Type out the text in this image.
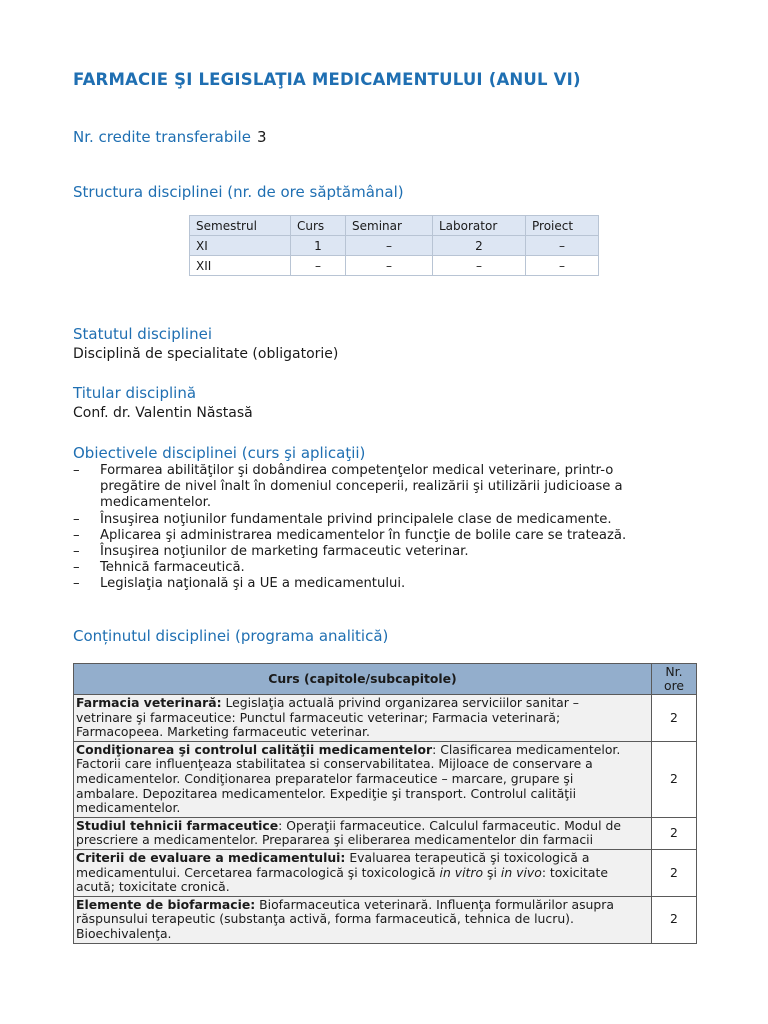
FARMACIE ŞI LEGISLAŢIA MEDICAMENTULUI (ANUL VI)
Nr. credite transferabile 3
Structura disciplinei (nr. de ore săptămânal)
Semestrul	Curs	Seminar	Laborator	Proiect
XI	1	–	2	–
XII	–	–	–	–
Statutul disciplinei
Disciplină de specialitate (obligatorie)
Titular disciplină
Conf. dr. Valentin Năstasă
Obiectivele disciplinei (curs şi aplicaţii)
– Formarea abilităţilor şi dobândirea competenţelor medical veterinare, printr-o
pregătire de nivel înalt în domeniul conceperii, realizării şi utilizării judicioase a
medicamentelor.
– Însuşirea noţiunilor fundamentale privind principalele clase de medicamente.
– Aplicarea şi administrarea medicamentelor în funcţie de bolile care se tratează.
– Însuşirea noţiunilor de marketing farmaceutic veterinar.
– Tehnică farmaceutică.
– Legislaţia naţională şi a UE a medicamentului.
Conținutul disciplinei (programa analitică)
Curs (capitole/subcapitole)	Nr.
ore
Farmacia veterinară: Legislaţia actuală privind organizarea serviciilor sanitar –
vetrinare şi farmaceutice: Punctul farmaceutic veterinar; Farmacia veterinară;
Farmacopeea. Marketing farmaceutic veterinar.	2
Condiţionarea şi controlul calităţii medicamentelor: Clasificarea medicamentelor.
Factorii care influenţeaza stabilitatea si conservabilitatea. Mijloace de conservare a
medicamentelor. Condiţionarea preparatelor farmaceutice – marcare, grupare şi
ambalare. Depozitarea medicamentelor. Expediţie şi transport. Controlul calităţii
medicamentelor.	2
Studiul tehnicii farmaceutice: Operaţii farmaceutice. Calculul farmaceutic. Modul de
prescriere a medicamentelor. Prepararea şi eliberarea medicamentelor din farmacii	2
Criterii de evaluare a medicamentului: Evaluarea terapeutică şi toxicologică a
medicamentului. Cercetarea farmacologică şi toxicologică in vitro şi in vivo: toxicitate
acută; toxicitate cronică.	2
Elemente de biofarmacie: Biofarmaceutica veterinară. Influenţa formulărilor asupra
răspunsului terapeutic (substanţa activă, forma farmaceutică, tehnica de lucru).
Bioechivalenţa.	2
